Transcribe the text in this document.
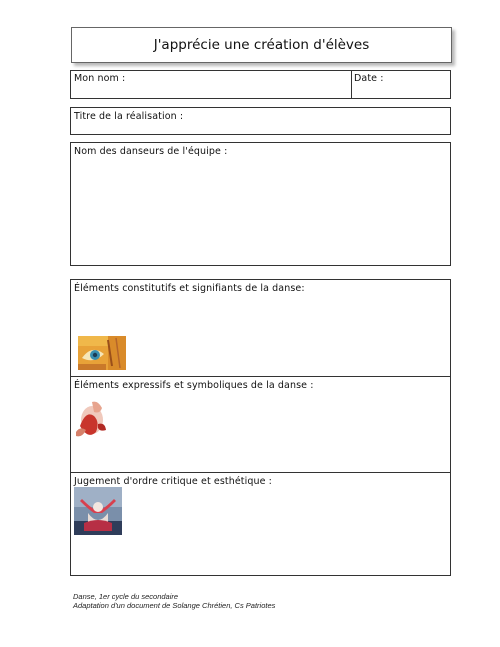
J'apprécie une création d'élèves
Mon nom :	Date :
Titre de la réalisation :
Nom des danseurs de l'équipe :
Éléments constitutifs et signifiants de la danse:
Éléments expressifs et symboliques de la danse :
Jugement d'ordre critique et esthétique :
Danse, 1er cycle du secondaire
Adaptation d'un document de Solange Chrétien, Cs Patriotes
